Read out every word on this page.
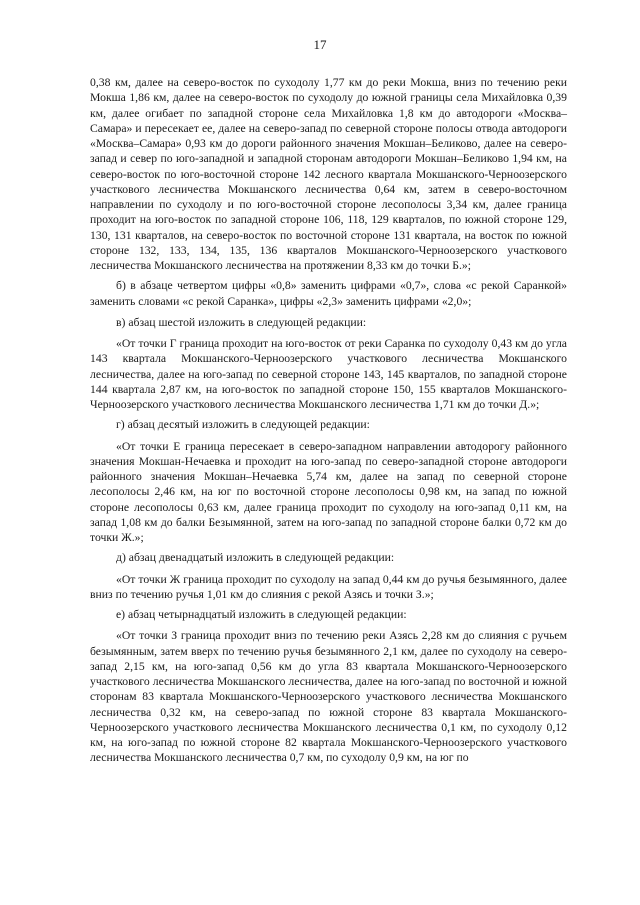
17

0,38 км, далее на северо-восток по суходолу 1,77 км до реки Мокша, вниз по течению реки Мокша 1,86 км, далее на северо-восток по суходолу до южной границы села Михайловка 0,39 км, далее огибает по западной стороне села Михайловка 1,8 км до автодороги «Москва–Самара» и пересекает ее, далее на северо-запад по северной стороне полосы отвода автодороги «Москва–Самара» 0,93 км до дороги районного значения Мокшан–Беликово, далее на северо-запад и север по юго-западной и западной сторонам автодороги Мокшан–Беликово 1,94 км, на северо-восток по юго-восточной стороне 142 лесного квартала Мокшанского-Черноозерского участкового лесничества Мокшанского лесничества 0,64 км, затем в северо-восточном направлении по суходолу и по юго-восточной стороне лесополосы 3,34 км, далее граница проходит на юго-восток по западной стороне 106, 118, 129 кварталов, по южной стороне 129, 130, 131 кварталов, на северо-восток по восточной стороне 131 квартала, на восток по южной стороне 132, 133, 134, 135, 136 кварталов Мокшанского-Черноозерского участкового лесничества Мокшанского лесничества на протяжении 8,33 км до точки Б.»;

б) в абзаце четвертом цифры «0,8» заменить цифрами «0,7», слова «с рекой Саранкой» заменить словами «с рекой Саранка», цифры «2,3» заменить цифрами «2,0»;

в) абзац шестой изложить в следующей редакции:

«От точки Г граница проходит на юго-восток от реки Саранка по суходолу 0,43 км до угла 143 квартала Мокшанского-Черноозерского участкового лесничества Мокшанского лесничества, далее на юго-запад по северной стороне 143, 145 кварталов, по западной стороне 144 квартала 2,87 км, на юго-восток по западной стороне 150, 155 кварталов Мокшанского-Черноозерского участкового лесничества Мокшанского лесничества 1,71 км до точки Д.»;

г) абзац десятый изложить в следующей редакции:

«От точки Е граница пересекает в северо-западном направлении автодорогу районного значения Мокшан-Нечаевка и проходит на юго-запад по северо-западной стороне автодороги районного значения Мокшан–Нечаевка 5,74 км, далее на запад по северной стороне лесополосы 2,46 км, на юг по восточной стороне лесополосы 0,98 км, на запад по южной стороне лесополосы 0,63 км, далее граница проходит по суходолу на юго-запад 0,11 км, на запад 1,08 км до балки Безымянной, затем на юго-запад по западной стороне балки 0,72 км до точки Ж.»;

д) абзац двенадцатый изложить в следующей редакции:

«От точки Ж граница проходит по суходолу на запад 0,44 км до ручья безымянного, далее вниз по течению ручья 1,01 км до слияния с рекой Азясь и точки З.»;

е) абзац четырнадцатый изложить в следующей редакции:

«От точки З граница проходит вниз по течению реки Азясь 2,28 км до слияния с ручьем безымянным, затем вверх по течению ручья безымянного 2,1 км, далее по суходолу на северо-запад 2,15 км, на юго-запад 0,56 км до угла 83 квартала Мокшанского-Черноозерского участкового лесничества Мокшанского лесничества, далее на юго-запад по восточной и южной сторонам 83 квартала Мокшанского-Черноозерского участкового лесничества Мокшанского лесничества 0,32 км, на северо-запад по южной стороне 83 квартала Мокшанского-Черноозерского участкового лесничества Мокшанского лесничества 0,1 км, по суходолу 0,12 км, на юго-запад по южной стороне 82 квартала Мокшанского-Черноозерского участкового лесничества Мокшанского лесничества 0,7 км, по суходолу 0,9 км, на юг по
